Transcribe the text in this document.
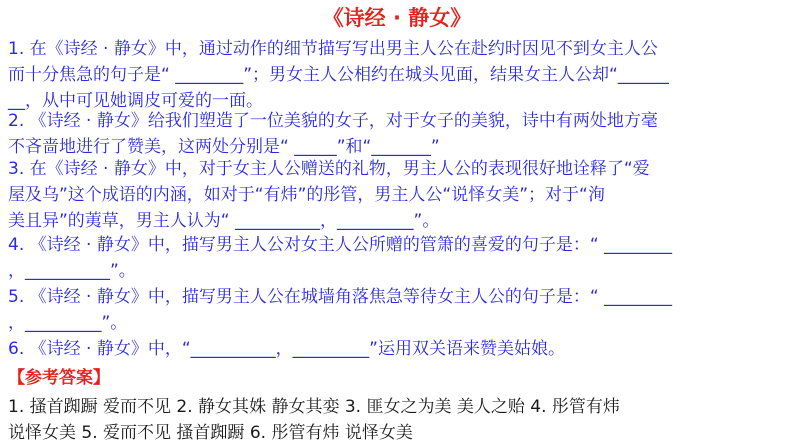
《诗经 · 静女》
1. 在《诗经 · 静女》中，通过动作的细节描写写出男主人公在赴约时因见不到女主人公
而十分焦急的句子是“ ________”；男女主人公相约在城头见面，结果女主人公却“______
__，从中可见她调皮可爱的一面。
2. 《诗经 · 静女》给我们塑造了一位美貌的女子，对于女子的美貌，诗中有两处地方毫
不吝啬地进行了赞美，这两处分别是“ _____”和“_______”
3. 在《诗经 · 静女》中，对于女主人公赠送的礼物，男主人公的表现很好地诠释了“爱
屋及乌”这个成语的内涵，如对于“有炜”的彤管，男主人公“说怿女美”；对于“洵
美且异”的荑草，男主人认为“ __________，_________”。
4. 《诗经 · 静女》中，描写男主人公对女主人公所赠的管箫的喜爱的句子是：“ ________
，__________”。
5. 《诗经 · 静女》中，描写男主人公在城墙角落焦急等待女主人公的句子是：“ ________
，_________”。
6. 《诗经 · 静女》中，“__________，_________”运用双关语来赞美姑娘。
【参考答案】
1. 搔首踟蹰 爱而不见 2. 静女其姝 静女其娈 3. 匪女之为美 美人之贻 4. 彤管有炜
说怿女美 5. 爱而不见 搔首踟蹰 6. 彤管有炜 说怿女美
